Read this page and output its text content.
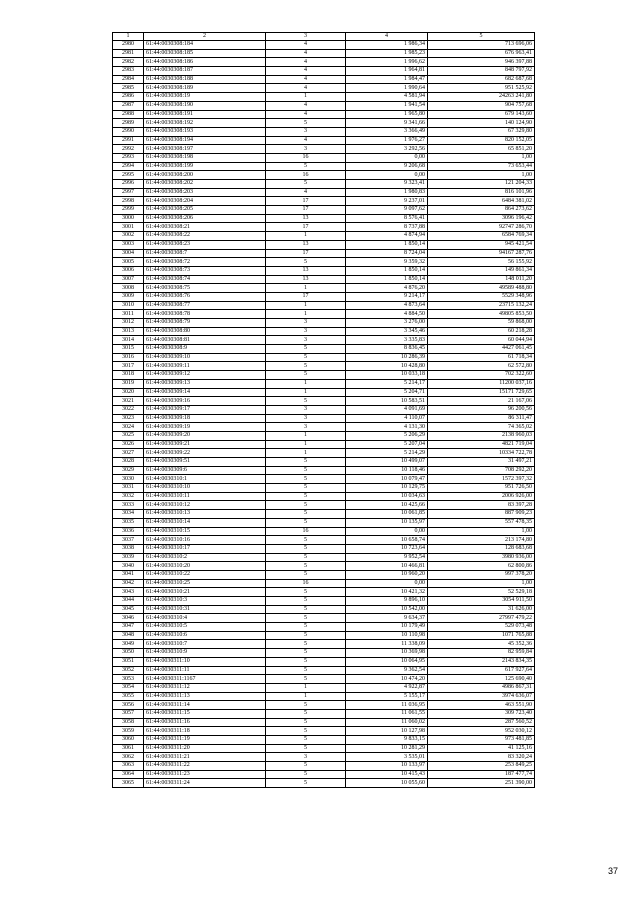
1	2	3	4	5
2980	61:44:0030308:184	4	1 986,34	713 696,06
2981	61:44:0030308:185	4	1 985,23	676 963,41
2982	61:44:0030308:186	4	1 996,62	946 397,88
2983	61:44:0030308:187	4	1 964,81	848 797,92
2984	61:44:0030308:188	4	1 984,47	682 687,68
2985	61:44:0030308:189	4	1 990,64	951 525,92
2986	61:44:0030308:19	1	4 581,94	24263 241,80
2987	61:44:0030308:190	4	1 941,54	904 757,68
2988	61:44:0030308:191	4	1 965,80	679 143,60
2989	61:44:0030308:192	5	9 341,66	140 124,90
2990	61:44:0030308:193	3	3 366,49	67 329,80
2991	61:44:0030308:194	4	1 976,27	820 152,05
2992	61:44:0030308:197	3	3 292,56	65 851,20
2993	61:44:0030308:198	16	0,00	1,00
2994	61:44:0030308:199	5	9 206,68	73 653,44
2995	61:44:0030308:200	16	0,00	1,00
2996	61:44:0030308:202	5	9 323,41	121 204,33
2997	61:44:0030308:203	4	1 980,83	816 101,96
2998	61:44:0030308:204	17	9 237,01	6484 381,02
2999	61:44:0030308:205	17	9 097,62	864 273,62
3000	61:44:0030308:206	13	8 576,41	3096 196,42
3001	61:44:0030308:21	17	8 737,88	92747 286,70
3002	61:44:0030308:22	1	4 874,94	6584 769,34
3003	61:44:0030308:23	13	1 850,14	945 421,54
3004	61:44:0030308:7	17	8 724,04	94167 287,76
3005	61:44:0030308:72	5	9 359,32	56 155,92
3006	61:44:0030308:73	13	1 850,14	149 861,34
3007	61:44:0030308:74	13	1 850,14	148 011,20
3008	61:44:0030308:75	1	4 876,20	49589 488,80
3009	61:44:0030308:76	17	9 214,17	5529 348,96
3010	61:44:0030308:77	1	4 873,64	23715 132,24
3011	61:44:0030308:78	1	4 884,50	49805 853,50
3012	61:44:0030308:79	3	3 276,00	59 868,00
3013	61:44:0030308:80	3	3 345,46	60 218,28
3014	61:44:0030308:81	3	3 335,83	60 044,94
3015	61:44:0030308:9	5	8 836,45	4427 061,45
3016	61:44:0030309:10	5	10 286,39	61 718,34
3017	61:44:0030309:11	5	10 428,80	62 572,80
3018	61:44:0030309:12	5	10 033,18	702 322,60
3019	61:44:0030309:13	1	5 214,17	11200 037,16
3020	61:44:0030309:14	1	5 204,71	15171 729,65
3021	61:44:0030309:16	5	10 583,51	21 167,06
3022	61:44:0030309:17	3	4 091,69	96 200,56
3023	61:44:0030309:18	3	4 110,07	86 311,47
3024	61:44:0030309:19	3	4 131,30	74 365,02
3025	61:44:0030309:20	1	5 206,29	2138 960,03
3026	61:44:0030309:21	1	5 207,04	4821 719,04
3027	61:44:0030309:22	1	5 214,29	10334 722,78
3028	61:44:0030309:51	5	10 499,07	31 497,21
3029	61:44:0030309:6	5	10 118,46	708 292,20
3030	61:44:0030310:1	5	10 079,47	1572 397,32
3031	61:44:0030310:10	5	10 129,75	951 726,50
3032	61:44:0030310:11	5	10 034,63	2006 926,00
3033	61:44:0030310:12	5	10 425,66	83 397,28
3034	61:44:0030310:13	5	10 061,85	887 909,23
3035	61:44:0030310:14	5	10 135,97	557 478,35
3036	61:44:0030310:15	16	0,00	1,00
3037	61:44:0030310:16	5	10 658,74	213 174,80
3038	61:44:0030310:17	5	10 723,64	128 683,68
3039	61:44:0030310:2	5	9 952,54	3980 936,00
3040	61:44:0030310:20	5	10 466,81	62 800,86
3041	61:44:0030310:22	5	10 960,20	997 378,20
3042	61:44:0030310:25	16	0,00	1,00
3043	61:44:0030310:21	5	10 421,32	52 529,18
3044	61:44:0030310:3	5	9 896,10	3054 911,50
3045	61:44:0030310:31	5	10 542,00	31 626,00
3046	61:44:0030310:4	5	9 634,37	27997 479,22
3047	61:44:0030310:5	5	10 179,49	529 073,48
3048	61:44:0030310:6	5	10 110,98	1071 765,88
3049	61:44:0030310:7	5	11 338,09	45 352,36
3050	61:44:0030310:9	5	10 369,98	82 959,84
3051	61:44:0030311:10	5	10 064,95	2143 834,35
3052	61:44:0030311:11	5	9 362,54	617 927,64
3053	61:44:0030311:1167	5	10 474,20	125 690,40
3054	61:44:0030311:12	1	4 922,87	4986 867,31
3055	61:44:0030311:13	1	5 155,17	3974 636,07
3056	61:44:0030311:14	5	11 036,95	463 551,90
3057	61:44:0030311:15	5	11 061,55	309 723,40
3058	61:44:0030311:16	5	11 060,02	287 560,52
3059	61:44:0030311:18	5	10 127,98	952 030,12
3060	61:44:0030311:19	5	9 833,15	973 481,85
3061	61:44:0030311:20	5	10 281,29	41 125,16
3062	61:44:0030311:21	3	3 535,01	83 320,24
3063	61:44:0030311:22	5	10 133,97	253 849,25
3064	61:44:0030311:23	5	10 415,43	187 477,74
3065	61:44:0030311:24	5	10 055,60	251 390,00
37
